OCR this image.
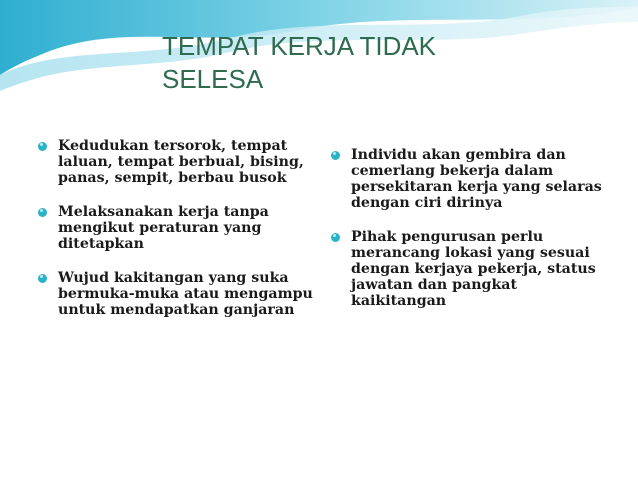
TEMPAT KERJA TIDAK
SELESA
Kedudukan tersorok, tempat laluan, tempat berbual, bising, panas, sempit, berbau busok
Melaksanakan kerja tanpa mengikut peraturan yang ditetapkan
Wujud kakitangan yang suka bermuka-muka atau mengampu untuk mendapatkan ganjaran
Individu akan gembira dan cemerlang bekerja dalam persekitaran kerja yang selaras dengan ciri dirinya
Pihak pengurusan perlu merancang lokasi yang sesuai dengan kerjaya pekerja, status jawatan dan pangkat kaikitangan
